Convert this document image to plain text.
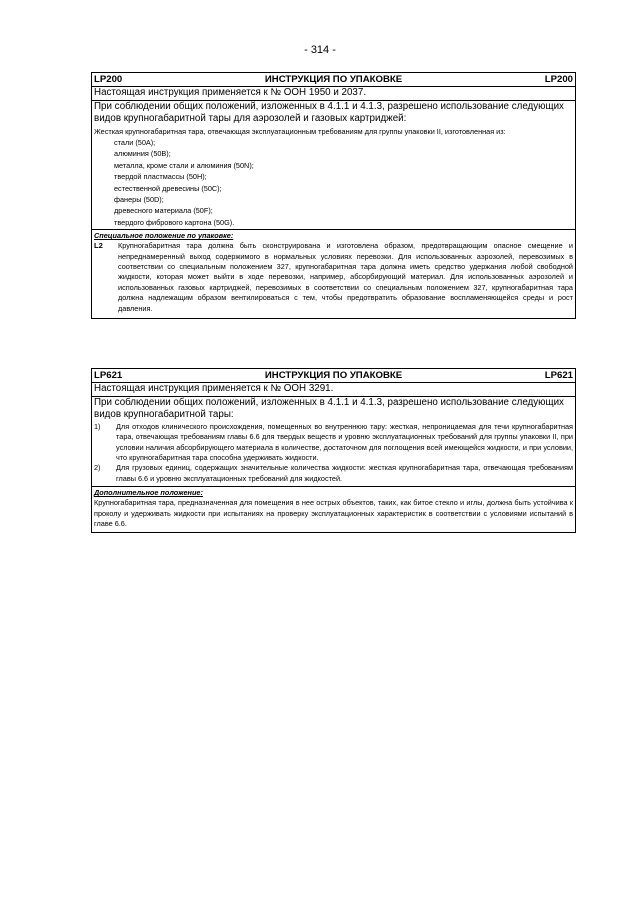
- 314 -
LP200	ИНСТРУКЦИЯ ПО УПАКОВКЕ	LP200
Настоящая инструкция применяется к № ООН 1950 и 2037.
При соблюдении общих положений, изложенных в 4.1.1 и 4.1.3, разрешено использование следующих видов крупногабаритной тары для аэрозолей и газовых картриджей:
Жесткая крупногабаритная тара, отвечающая эксплуатационным требованиям для группы упаковки II, изготовленная из:
стали (50A);
алюминия (50B);
металла, кроме стали и алюминия (50N);
твердой пластмассы (50H);
естественной древесины (50C);
фанеры (50D);
древесного материала (50F);
твердого фибрового картона (50G).
Специальное положение по упаковке:
L2	Крупногабаритная тара должна быть сконструирована и изготовлена образом, предотвращающим опасное смещение и непреднамеренный выход содержимого в нормальных условиях перевозки. Для использованных аэрозолей, перевозимых в соответствии со специальным положением 327, крупногабаритная тара должна иметь средство удержания любой свободной жидкости, которая может выйти в ходе перевозки, например, абсорбирующий материал. Для использованных аэрозолей и использованных газовых картриджей, перевозимых в соответствии со специальным положением 327, крупногабаритная тара должна надлежащим образом вентилироваться с тем, чтобы предотвратить образование воспламеняющейся среды и рост давления.
LP621	ИНСТРУКЦИЯ ПО УПАКОВКЕ	LP621
Настоящая инструкция применяется к № ООН 3291.
При соблюдении общих положений, изложенных в 4.1.1 и 4.1.3, разрешено использование следующих видов крупногабаритной тары:
1)	Для отходов клинического происхождения, помещенных во внутреннюю тару: жесткая, непроницаемая для течи крупногабаритная тара, отвечающая требованиям главы 6.6 для твердых веществ и уровню эксплуатационных требований для группы упаковки II, при условии наличия абсорбирующего материала в количестве, достаточном для поглощения всей имеющейся жидкости, и при условии, что крупногабаритная тара способна удерживать жидкости.
2)	Для грузовых единиц, содержащих значительные количества жидкости: жесткая крупногабаритная тара, отвечающая требованиям главы 6.6 и уровню эксплуатационных требований для жидкостей.
Дополнительное положение:
Крупногабаритная тара, предназначенная для помещения в нее острых объектов, таких, как битое стекло и иглы, должна быть устойчива к проколу и удерживать жидкости при испытаниях на проверку эксплуатационных характеристик в соответствии с условиями испытаний в главе 6.6.
